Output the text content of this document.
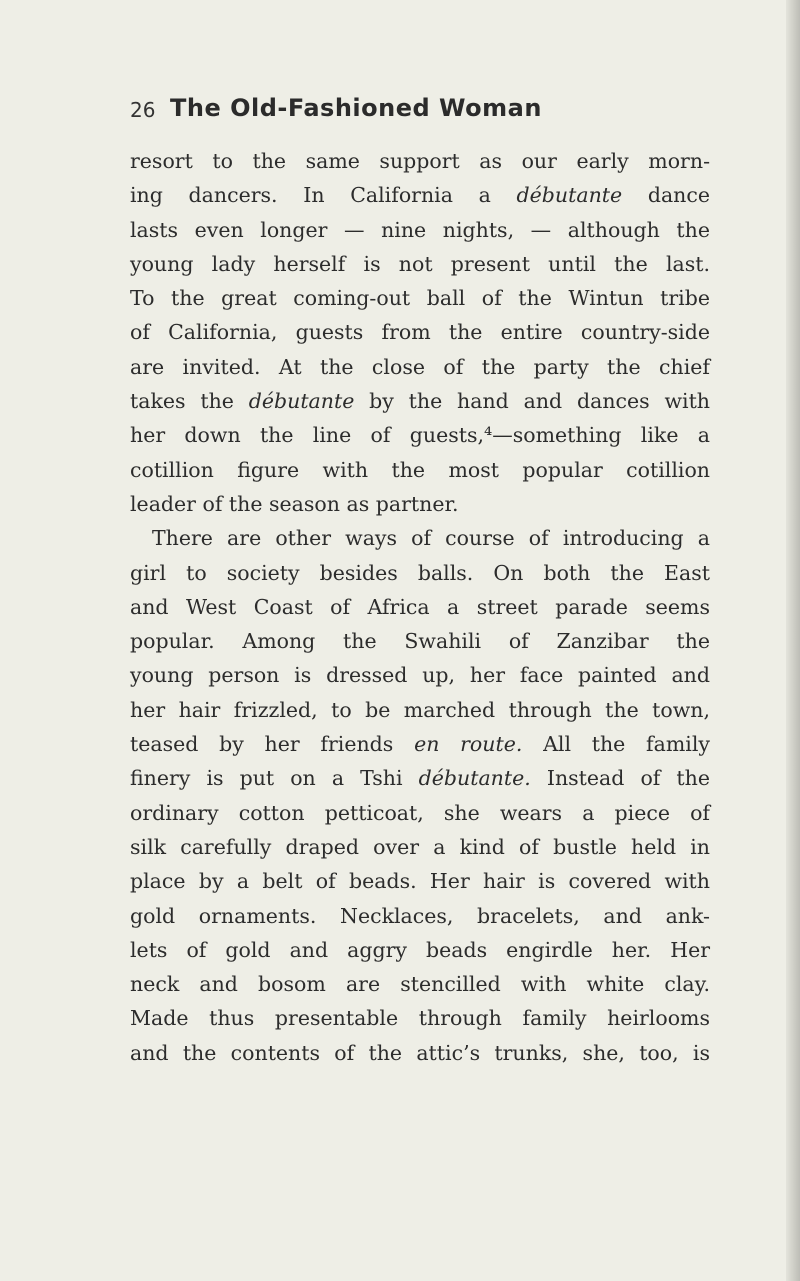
26 The Old-Fashioned Woman
resort to the same support as our early morn-
ing dancers. In California a débutante dance
lasts even longer — nine nights, — although the
young lady herself is not present until the last.
To the great coming-out ball of the Wintun tribe
of California, guests from the entire country-side
are invited. At the close of the party the chief
takes the débutante by the hand and dances with
her down the line of guests,⁴—something like a
cotillion figure with the most popular cotillion
leader of the season as partner.
There are other ways of course of introducing a
girl to society besides balls. On both the East
and West Coast of Africa a street parade seems
popular. Among the Swahili of Zanzibar the
young person is dressed up, her face painted and
her hair frizzled, to be marched through the town,
teased by her friends en route. All the family
finery is put on a Tshi débutante. Instead of the
ordinary cotton petticoat, she wears a piece of
silk carefully draped over a kind of bustle held in
place by a belt of beads. Her hair is covered with
gold ornaments. Necklaces, bracelets, and ank-
lets of gold and aggry beads engirdle her. Her
neck and bosom are stencilled with white clay.
Made thus presentable through family heirlooms
and the contents of the attic’s trunks, she, too, is
